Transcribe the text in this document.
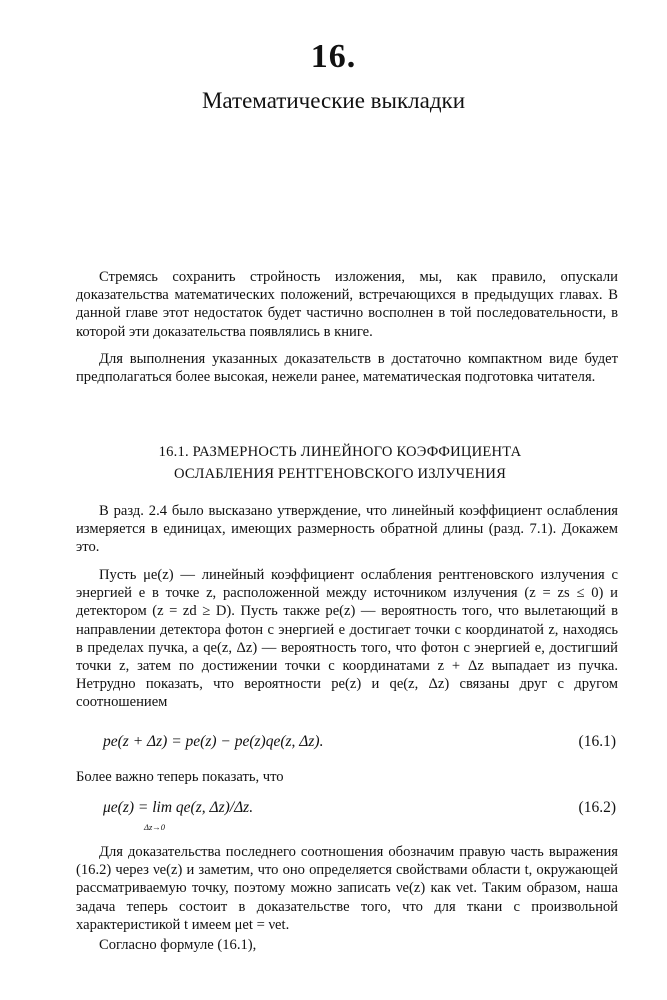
16.
Математические выкладки

Стремясь сохранить стройность изложения, мы, как правило, опускали доказательства математических положений, встречающихся в предыдущих главах. В данной главе этот недостаток будет частично восполнен в той последовательности, в которой эти доказательства появлялись в книге.

Для выполнения указанных доказательств в достаточно компактном виде будет предполагаться более высокая, нежели ранее, математическая подготовка читателя.

16.1. РАЗМЕРНОСТЬ ЛИНЕЙНОГО КОЭФФИЦИЕНТА
ОСЛАБЛЕНИЯ РЕНТГЕНОВСКОГО ИЗЛУЧЕНИЯ

В разд. 2.4 было высказано утверждение, что линейный коэффициент ослабления измеряется в единицах, имеющих размерность обратной длины (разд. 7.1). Докажем это.

Пусть μe(z) — линейный коэффициент ослабления рентгеновского излучения с энергией e в точке z, расположенной между источником излучения (z = zs ≤ 0) и детектором (z = zd ≥ D). Пусть также pe(z) — вероятность того, что вылетающий в направлении детектора фотон с энергией e достигает точки с координатой z, находясь в пределах пучка, а qe(z, Δz) — вероятность того, что фотон с энергией e, достигший точки z, затем по достижении точки с координатами z + Δz выпадает из пучка. Нетрудно показать, что вероятности pe(z) и qe(z, Δz) связаны друг с другом соотношением

pe(z + Δz) = pe(z) − pe(z)qe(z, Δz).	(16.1)
Более важно теперь показать, что
μe(z) = lim qe(z, Δz)/Δz.
Δz→0
(16.2)

Для доказательства последнего соотношения обозначим правую часть выражения (16.2) через νe(z) и заметим, что оно определяется свойствами области t, окружающей рассматриваемую точку, поэтому можно записать νe(z) как νet. Таким образом, наша задача теперь состоит в доказательстве того, что для ткани с произвольной характеристикой t имеем μet = νet.

Согласно формуле (16.1),
